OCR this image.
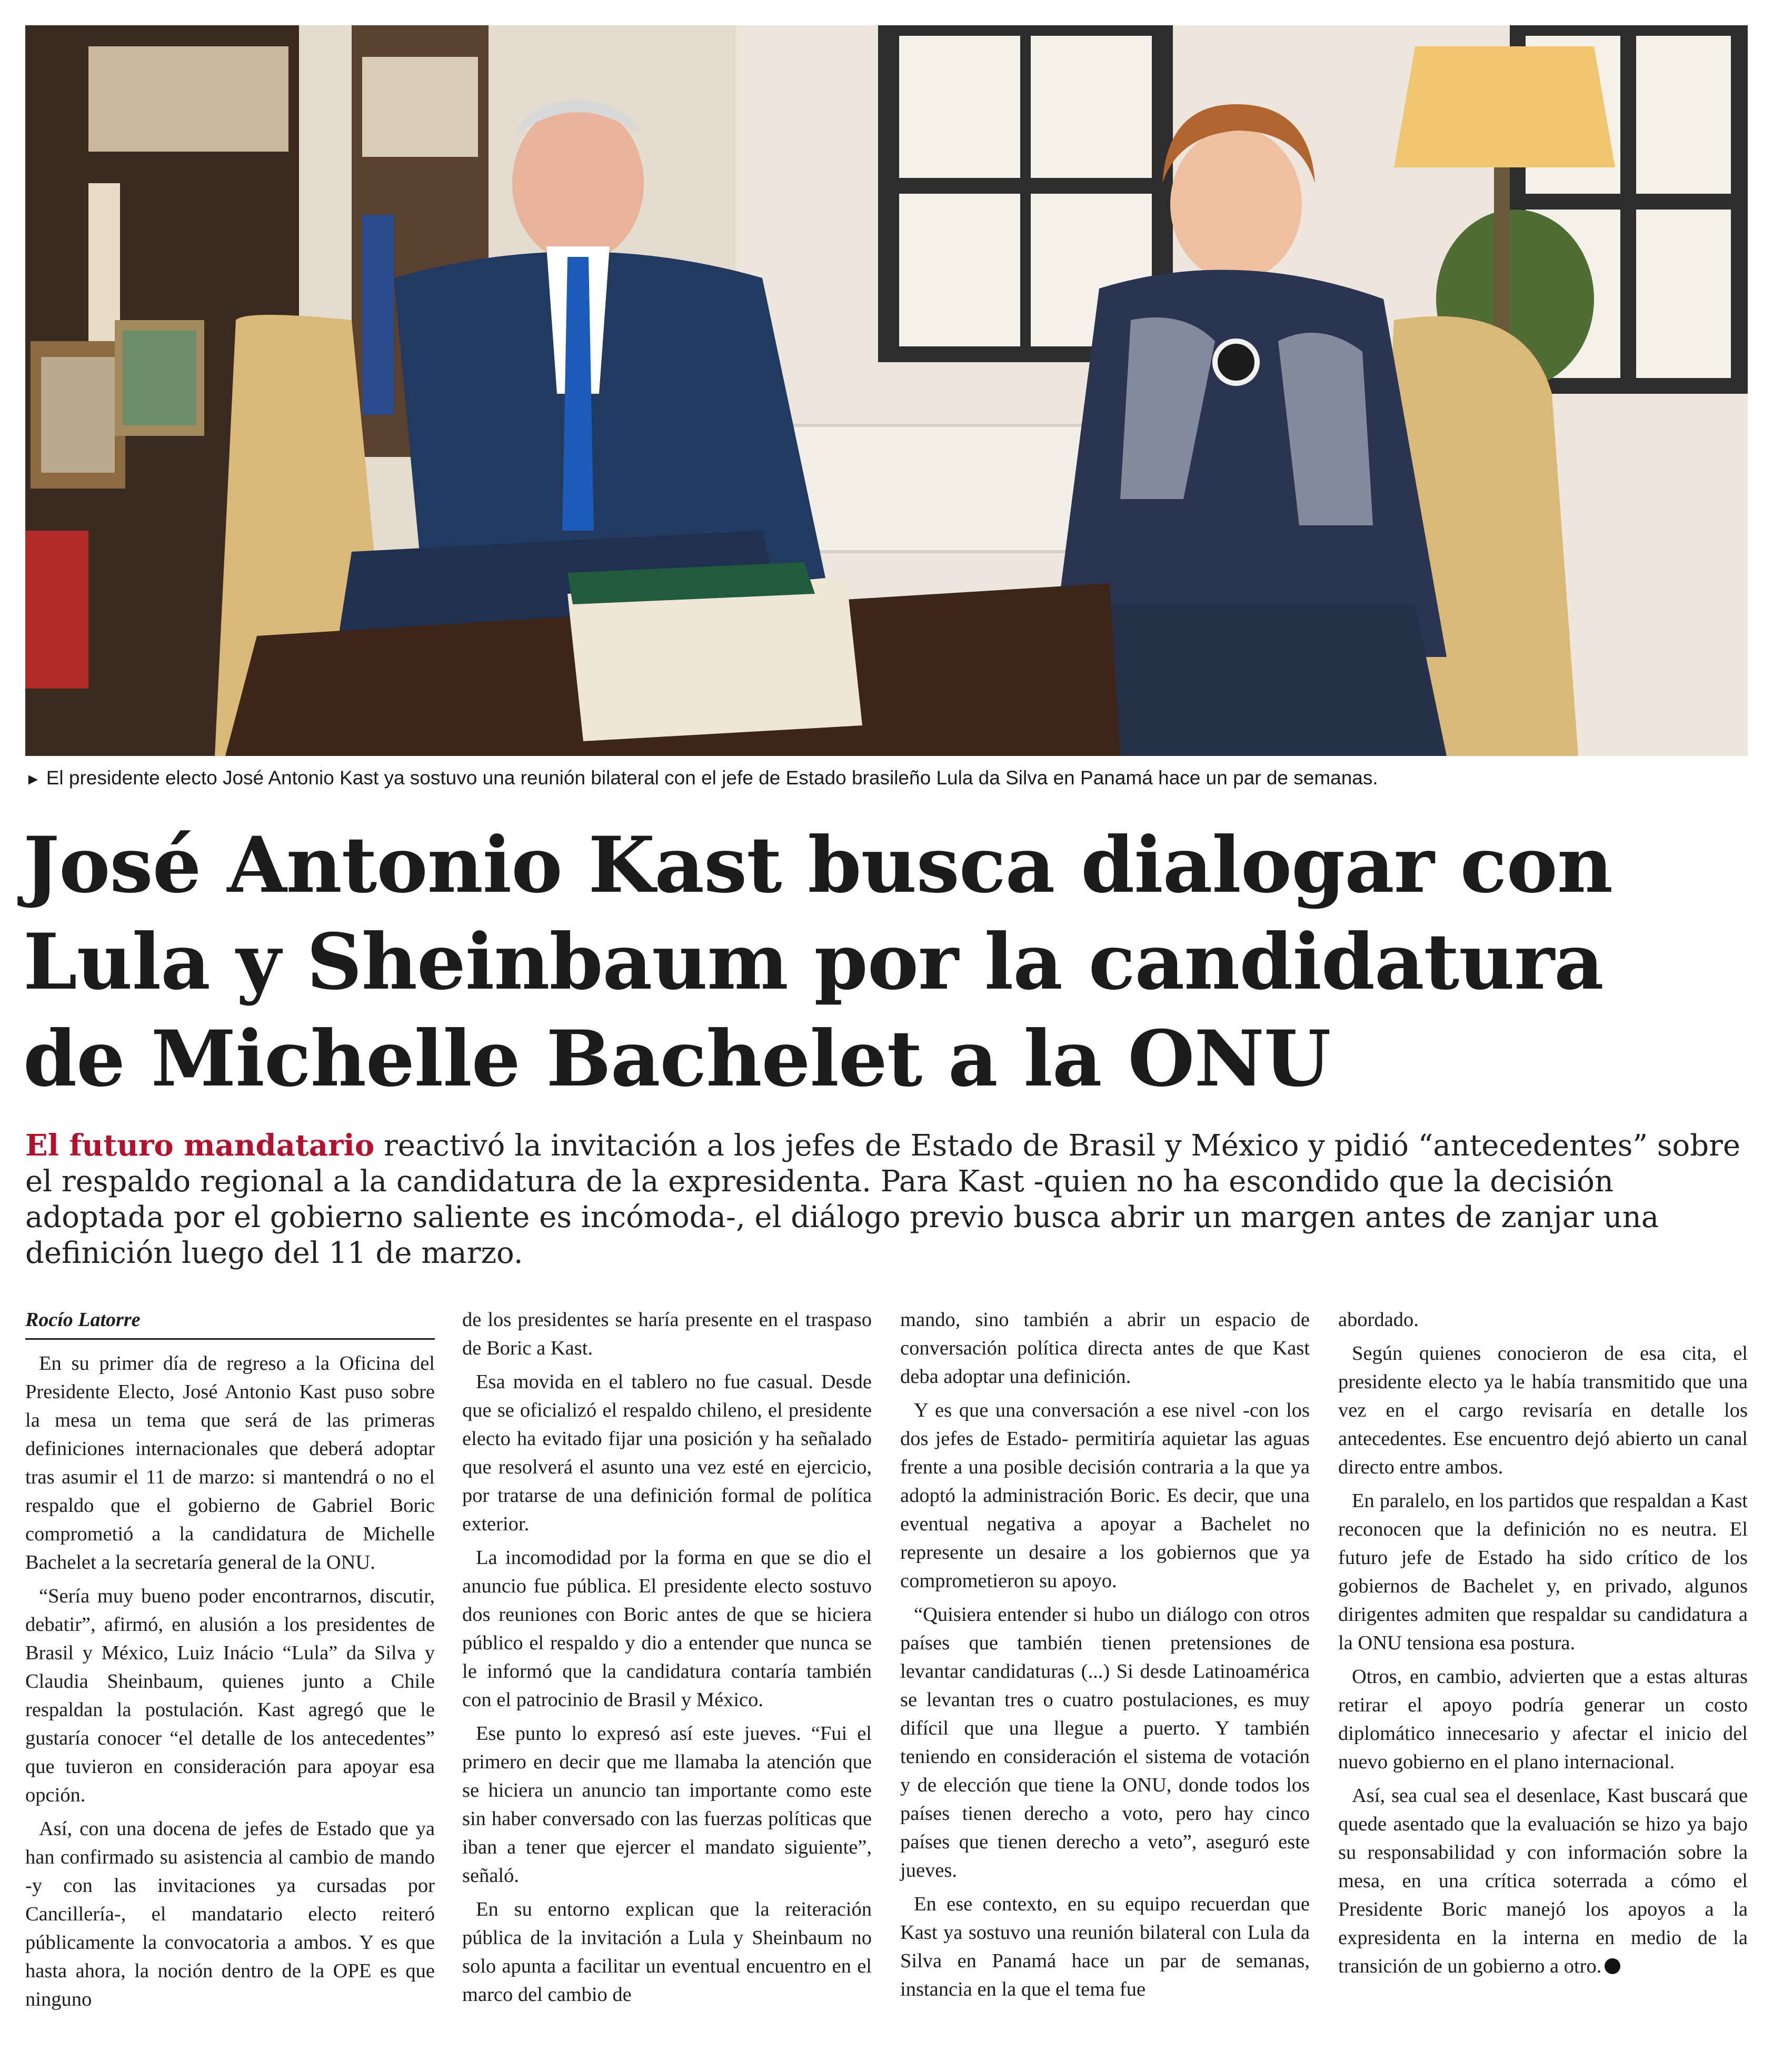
► El presidente electo José Antonio Kast ya sostuvo una reunión bilateral con el jefe de Estado brasileño Lula da Silva en Panamá hace un par de semanas.
José Antonio Kast busca dialogar con
Lula y Sheinbaum por la candidatura
de Michelle Bachelet a la ONU

El futuro mandatario reactivó la invitación a los jefes de Estado de Brasil y México y pidió “antecedentes” sobre el respaldo regional a la candidatura de la expresidenta. Para Kast -quien no ha escondido que la decisión adoptada por el gobierno saliente es incómoda-, el diálogo previo busca abrir un margen antes de zanjar una definición luego del 11 de marzo.

Rocío Latorre

En su primer día de regreso a la Oficina del Presidente Electo, José Antonio Kast puso sobre la mesa un tema que será de las primeras definiciones internacionales que deberá adoptar tras asumir el 11 de marzo: si mantendrá o no el respaldo que el gobierno de Gabriel Boric comprometió a la candidatura de Michelle Bachelet a la secretaría general de la ONU.

“Sería muy bueno poder encontrarnos, discutir, debatir”, afirmó, en alusión a los presidentes de Brasil y México, Luiz Inácio “Lula” da Silva y Claudia Sheinbaum, quienes junto a Chile respaldan la postulación. Kast agregó que le gustaría conocer “el detalle de los antecedentes” que tuvieron en consideración para apoyar esa opción.

Así, con una docena de jefes de Estado que ya han confirmado su asistencia al cambio de mando -y con las invitaciones ya cursadas por Cancillería-, el mandatario electo reiteró públicamente la convocatoria a ambos. Y es que hasta ahora, la noción dentro de la OPE es que ninguno

de los presidentes se haría presente en el traspaso de Boric a Kast.

Esa movida en el tablero no fue casual. Desde que se oficializó el respaldo chileno, el presidente electo ha evitado fijar una posición y ha señalado que resolverá el asunto una vez esté en ejercicio, por tratarse de una definición formal de política exterior.

La incomodidad por la forma en que se dio el anuncio fue pública. El presidente electo sostuvo dos reuniones con Boric antes de que se hiciera público el respaldo y dio a entender que nunca se le informó que la candidatura contaría también con el patrocinio de Brasil y México.

Ese punto lo expresó así este jueves. “Fui el primero en decir que me llamaba la atención que se hiciera un anuncio tan importante como este sin haber conversado con las fuerzas políticas que iban a tener que ejercer el mandato siguiente”, señaló.

En su entorno explican que la reiteración pública de la invitación a Lula y Sheinbaum no solo apunta a facilitar un eventual encuentro en el marco del cambio de

mando, sino también a abrir un espacio de conversación política directa antes de que Kast deba adoptar una definición.

Y es que una conversación a ese nivel -con los dos jefes de Estado- permitiría aquietar las aguas frente a una posible decisión contraria a la que ya adoptó la administración Boric. Es decir, que una eventual negativa a apoyar a Bachelet no represente un desaire a los gobiernos que ya comprometieron su apoyo.

“Quisiera entender si hubo un diálogo con otros países que también tienen pretensiones de levantar candidaturas (...) Si desde Latinoamérica se levantan tres o cuatro postulaciones, es muy difícil que una llegue a puerto. Y también teniendo en consideración el sistema de votación y de elección que tiene la ONU, donde todos los países tienen derecho a voto, pero hay cinco países que tienen derecho a veto”, aseguró este jueves.

En ese contexto, en su equipo recuerdan que Kast ya sostuvo una reunión bilateral con Lula da Silva en Panamá hace un par de semanas, instancia en la que el tema fue

abordado.

Según quienes conocieron de esa cita, el presidente electo ya le había transmitido que una vez en el cargo revisaría en detalle los antecedentes. Ese encuentro dejó abierto un canal directo entre ambos.

En paralelo, en los partidos que respaldan a Kast reconocen que la definición no es neutra. El futuro jefe de Estado ha sido crítico de los gobiernos de Bachelet y, en privado, algunos dirigentes admiten que respaldar su candidatura a la ONU tensiona esa postura.

Otros, en cambio, advierten que a estas alturas retirar el apoyo podría generar un costo diplomático innecesario y afectar el inicio del nuevo gobierno en el plano internacional.

Así, sea cual sea el desenlace, Kast buscará que quede asentado que la evaluación se hizo ya bajo su responsabilidad y con información sobre la mesa, en una crítica soterrada a cómo el Presidente Boric manejó los apoyos a la expresidenta en la interna en medio de la transición de un gobierno a otro.
